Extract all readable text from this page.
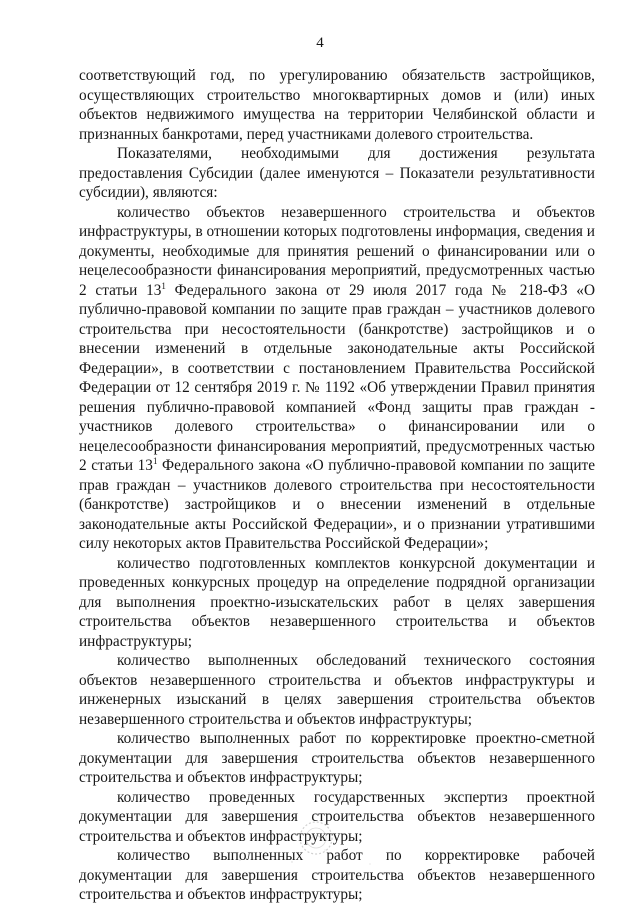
4

соответствующий год, по урегулированию обязательств застройщиков, осуществляющих строительство многоквартирных домов и (или) иных объектов недвижимого имущества на территории Челябинской области и признанных банкротами, перед участниками долевого строительства.

Показателями, необходимыми для достижения результата предоставления Субсидии (далее именуются – Показатели результативности субсидии), являются:

количество объектов незавершенного строительства и объектов инфраструктуры, в отношении которых подготовлены информация, сведения и документы, необходимые для принятия решений о финансировании или о нецелесообразности финансирования мероприятий, предусмотренных частью 2 статьи $13^1$ Федерального закона от 29 июля 2017 года № 218-ФЗ «О публично-правовой компании по защите прав граждан – участников долевого строительства при несостоятельности (банкротстве) застройщиков и о внесении изменений в отдельные законодательные акты Российской Федерации», в соответствии с постановлением Правительства Российской Федерации от 12 сентября 2019 г. № 1192 «Об утверждении Правил принятия решения публично-правовой компанией «Фонд защиты прав граждан - участников долевого строительства» о финансировании или о нецелесообразности финансирования мероприятий, предусмотренных частью 2 статьи $13^1$ Федерального закона «О публично-правовой компании по защите прав граждан – участников долевого строительства при несостоятельности (банкротстве) застройщиков и о внесении изменений в отдельные законодательные акты Российской Федерации», и о признании утратившими силу некоторых актов Правительства Российской Федерации»;

количество подготовленных комплектов конкурсной документации и проведенных конкурсных процедур на определение подрядной организации для выполнения проектно-изыскательских работ в целях завершения строительства объектов незавершенного строительства и объектов инфраструктуры;

количество выполненных обследований технического состояния объектов незавершенного строительства и объектов инфраструктуры и инженерных изысканий в целях завершения строительства объектов незавершенного строительства и объектов инфраструктуры;

количество выполненных работ по корректировке проектно-сметной документации для завершения строительства объектов незавершенного строительства и объектов инфраструктуры;

количество проведенных государственных экспертиз проектной документации для завершения строительства объектов незавершенного строительства и объектов инфраструктуры;

количество выполненных работ по корректировке рабочей документации для завершения строительства объектов незавершенного строительства и объектов инфраструктуры;
